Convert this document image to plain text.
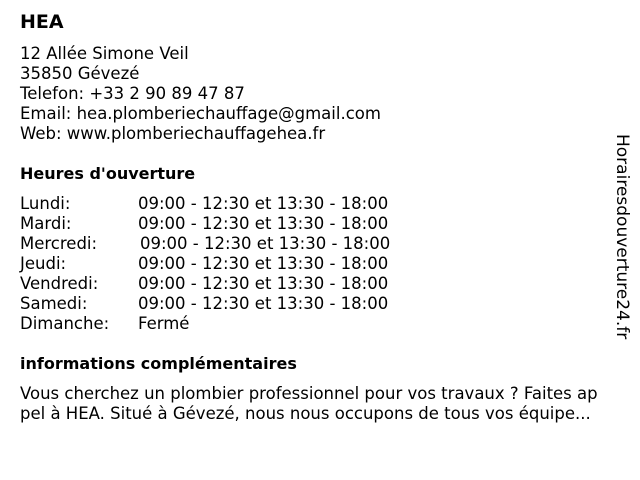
HEA
12 Allée Simone Veil
35850 Gévezé
Telefon: +33 2 90 89 47 87
Email: hea.plomberiechauffage@gmail.com
Web: www.plomberiechauffagehea.fr
Heures d'ouverture
Lundi:	09:00 - 12:30 et 13:30 - 18:00
Mardi:	09:00 - 12:30 et 13:30 - 18:00
Mercredi:	09:00 - 12:30 et 13:30 - 18:00
Jeudi:	09:00 - 12:30 et 13:30 - 18:00
Vendredi:	09:00 - 12:30 et 13:30 - 18:00
Samedi:	09:00 - 12:30 et 13:30 - 18:00
Dimanche:	Fermé
informations complémentaires
Vous cherchez un plombier professionnel pour vos travaux ? Faites ap
pel à HEA. Situé à Gévezé, nous nous occupons de tous vos équipe...
Horairesdouverture24.fr
